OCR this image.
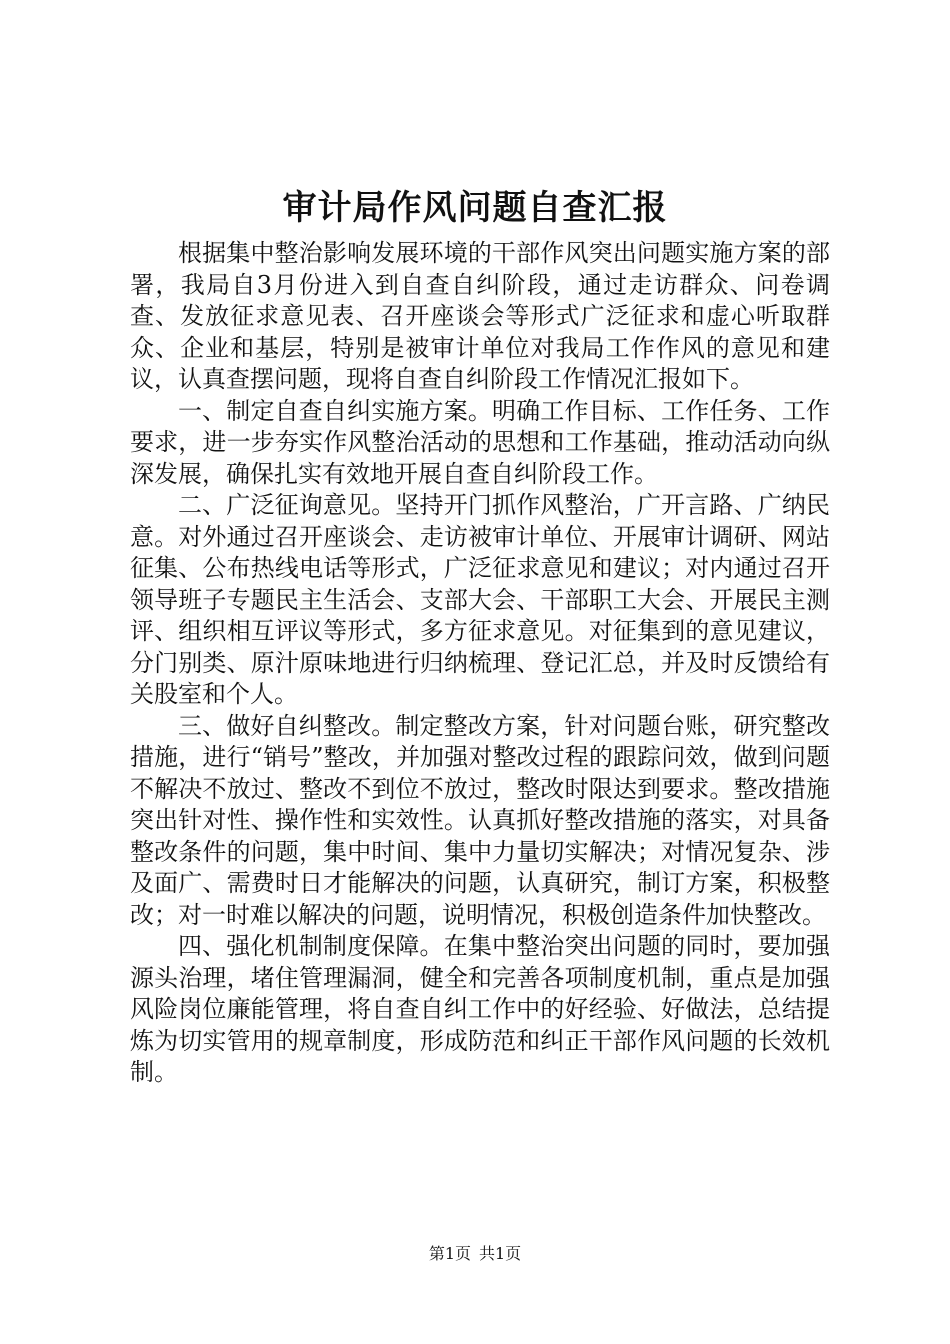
审计局作风问题自查汇报

根据集中整治影响发展环境的干部作风突出问题实施方案的部署，我局自3月份进入到自查自纠阶段，通过走访群众、问卷调查、发放征求意见表、召开座谈会等形式广泛征求和虚心听取群众、企业和基层，特别是被审计单位对我局工作作风的意见和建议，认真查摆问题，现将自查自纠阶段工作情况汇报如下。

一、制定自查自纠实施方案。明确工作目标、工作任务、工作要求，进一步夯实作风整治活动的思想和工作基础，推动活动向纵深发展，确保扎实有效地开展自查自纠阶段工作。

二、广泛征询意见。坚持开门抓作风整治，广开言路、广纳民意。对外通过召开座谈会、走访被审计单位、开展审计调研、网站征集、公布热线电话等形式，广泛征求意见和建议；对内通过召开领导班子专题民主生活会、支部大会、干部职工大会、开展民主测评、组织相互评议等形式，多方征求意见。对征集到的意见建议，分门别类、原汁原味地进行归纳梳理、登记汇总，并及时反馈给有关股室和个人。

三、做好自纠整改。制定整改方案，针对问题台账，研究整改措施，进行“销号”整改，并加强对整改过程的跟踪问效，做到问题不解决不放过、整改不到位不放过，整改时限达到要求。整改措施突出针对性、操作性和实效性。认真抓好整改措施的落实，对具备整改条件的问题，集中时间、集中力量切实解决；对情况复杂、涉及面广、需费时日才能解决的问题，认真研究，制订方案，积极整改；对一时难以解决的问题，说明情况，积极创造条件加快整改。

四、强化机制制度保障。在集中整治突出问题的同时，要加强源头治理，堵住管理漏洞，健全和完善各项制度机制，重点是加强风险岗位廉能管理，将自查自纠工作中的好经验、好做法，总结提炼为切实管用的规章制度，形成防范和纠正干部作风问题的长效机制。

第1页 共1页
